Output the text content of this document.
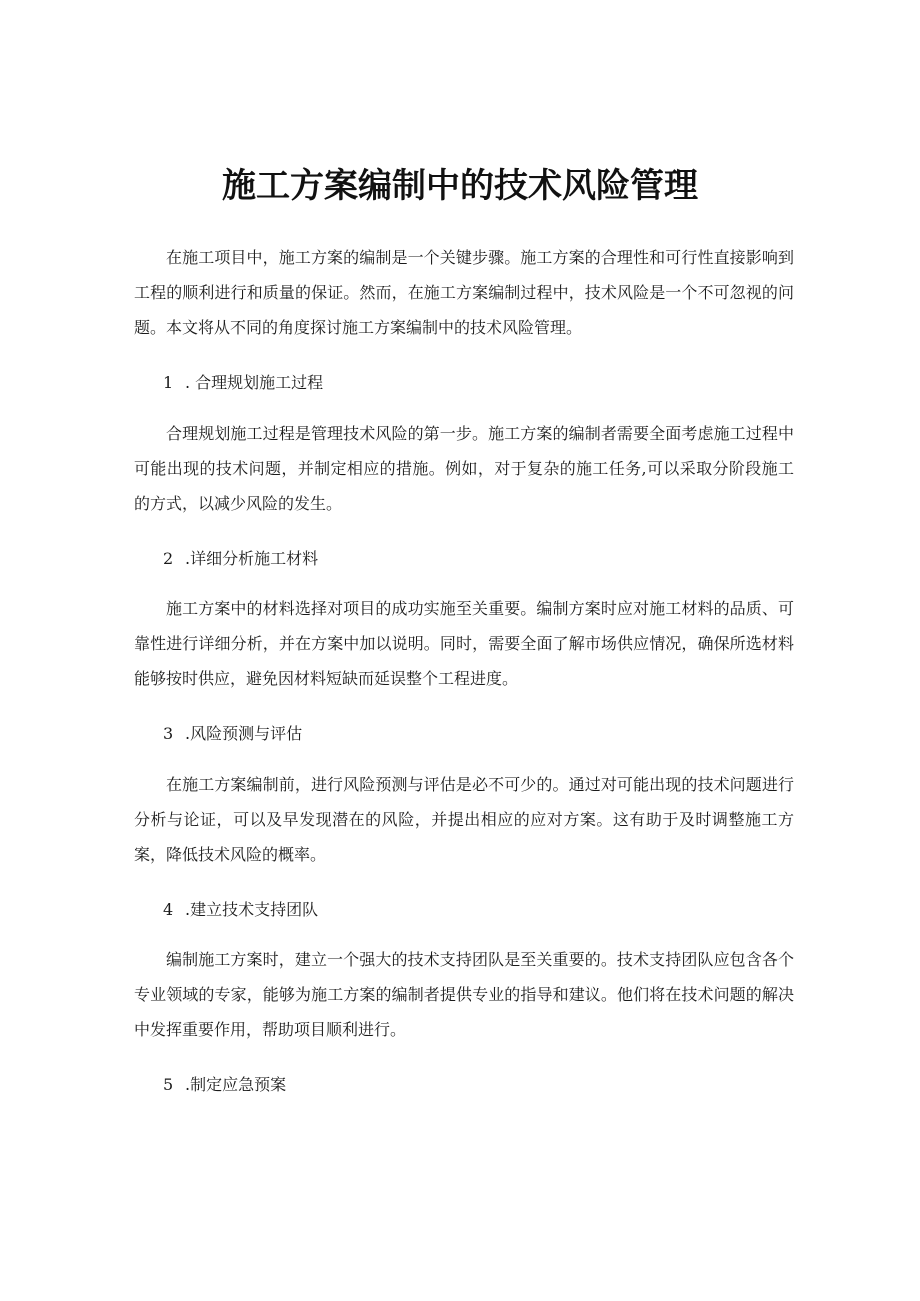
施工方案编制中的技术风险管理

在施工项目中，施工方案的编制是一个关键步骤。施工方案的合理性和可行性直接影响到工程的顺利进行和质量的保证。然而，在施工方案编制过程中，技术风险是一个不可忽视的问题。本文将从不同的角度探讨施工方案编制中的技术风险管理。

1 . 合理规划施工过程

合理规划施工过程是管理技术风险的第一步。施工方案的编制者需要全面考虑施工过程中可能出现的技术问题，并制定相应的措施。例如，对于复杂的施工任务,可以采取分阶段施工的方式，以减少风险的发生。

2 .详细分析施工材料

施工方案中的材料选择对项目的成功实施至关重要。编制方案时应对施工材料的品质、可靠性进行详细分析，并在方案中加以说明。同时，需要全面了解市场供应情况，确保所选材料能够按时供应，避免因材料短缺而延误整个工程进度。

3 .风险预测与评估

在施工方案编制前，进行风险预测与评估是必不可少的。通过对可能出现的技术问题进行分析与论证，可以及早发现潜在的风险，并提出相应的应对方案。这有助于及时调整施工方案，降低技术风险的概率。

4 .建立技术支持团队

编制施工方案时，建立一个强大的技术支持团队是至关重要的。技术支持团队应包含各个专业领域的专家，能够为施工方案的编制者提供专业的指导和建议。他们将在技术问题的解决中发挥重要作用，帮助项目顺利进行。

5 .制定应急预案
